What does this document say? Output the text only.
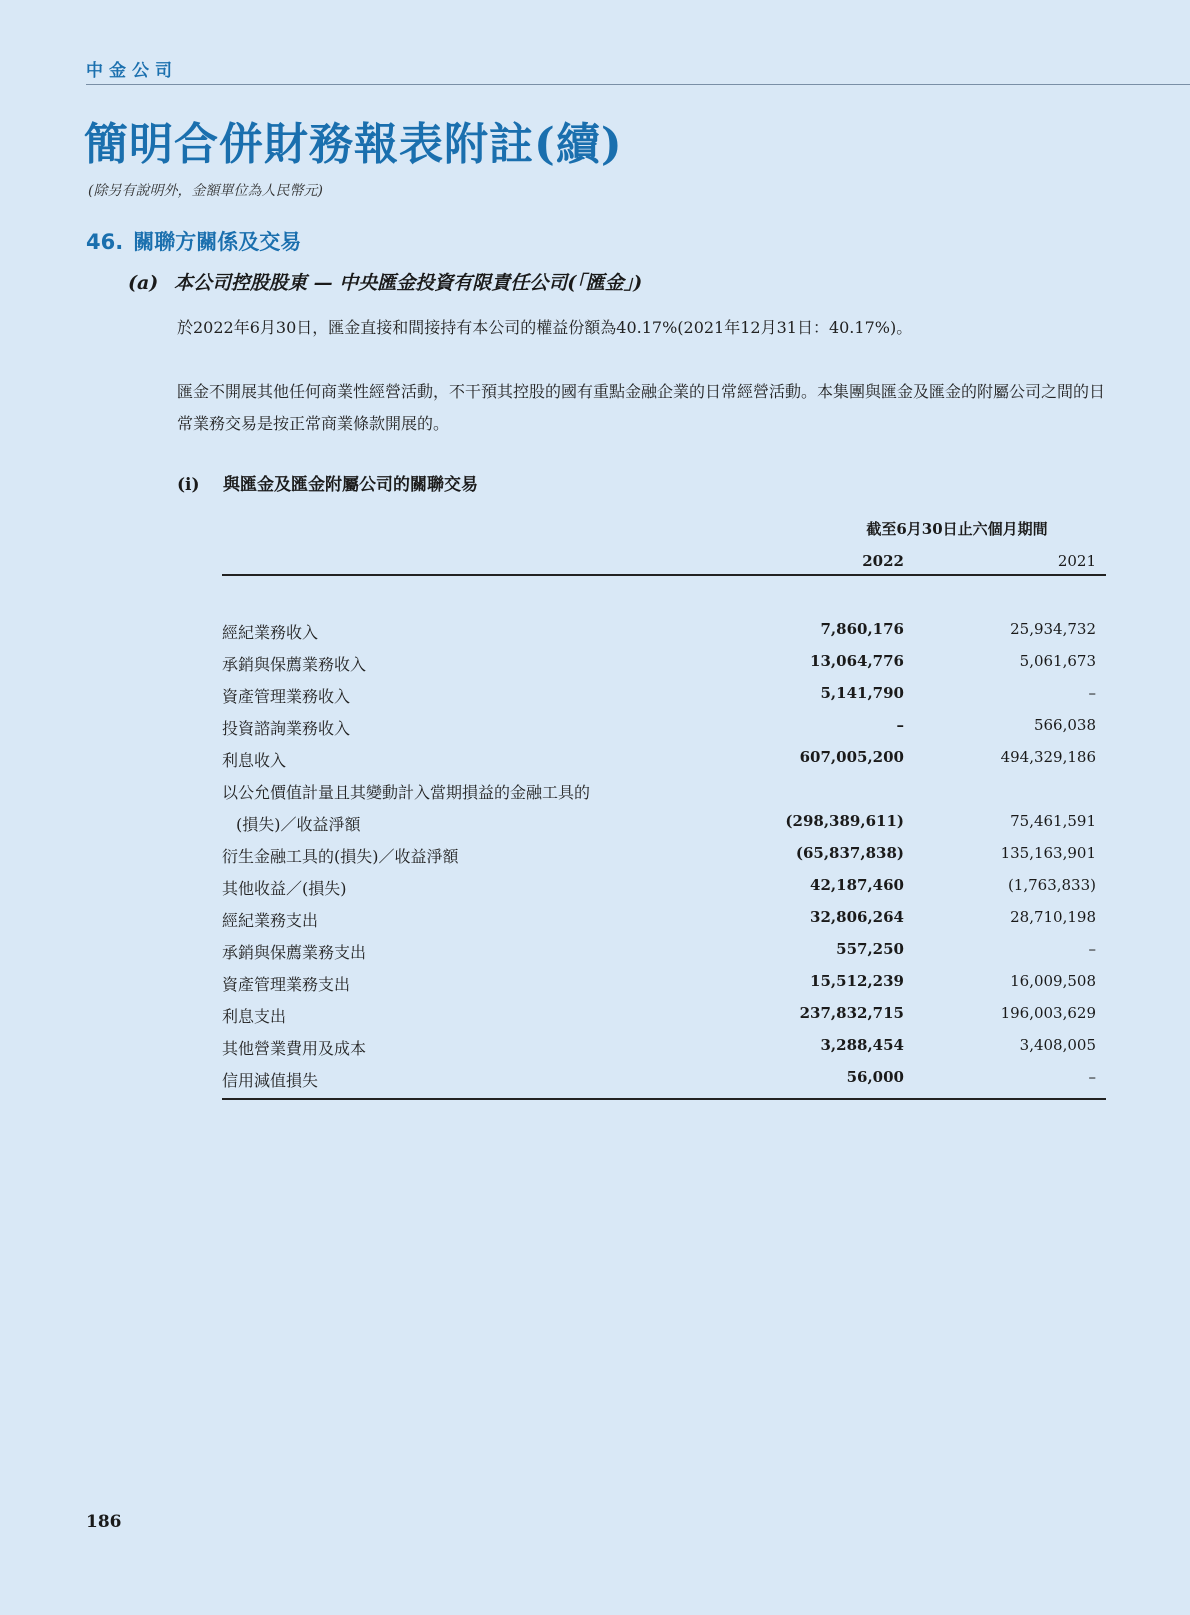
中金公司
簡明合併財務報表附註(續)
(除另有說明外，金額單位為人民幣元)
46. 關聯方關係及交易
(a) 本公司控股股東 — 中央匯金投資有限責任公司(「匯金」)
於2022年6月30日，匯金直接和間接持有本公司的權益份額為40.17%(2021年12月31日：40.17%)。
匯金不開展其他任何商業性經營活動，不干預其控股的國有重點金融企業的日常經營活動。本集團與匯金及匯金的附屬公司之間的日常業務交易是按正常商業條款開展的。
(i) 與匯金及匯金附屬公司的關聯交易
截至6月30日止六個月期間
2022	2021
經紀業務收入	7,860,176	25,934,732
承銷與保薦業務收入	13,064,776	5,061,673
資產管理業務收入	5,141,790	–
投資諮詢業務收入	–	566,038
利息收入	607,005,200	494,329,186
以公允價值計量且其變動計入當期損益的金融工具的
(損失)／收益淨額	(298,389,611)	75,461,591
衍生金融工具的(損失)／收益淨額	(65,837,838)	135,163,901
其他收益／(損失)	42,187,460	(1,763,833)
經紀業務支出	32,806,264	28,710,198
承銷與保薦業務支出	557,250	–
資產管理業務支出	15,512,239	16,009,508
利息支出	237,832,715	196,003,629
其他營業費用及成本	3,288,454	3,408,005
信用減值損失	56,000	–
186
